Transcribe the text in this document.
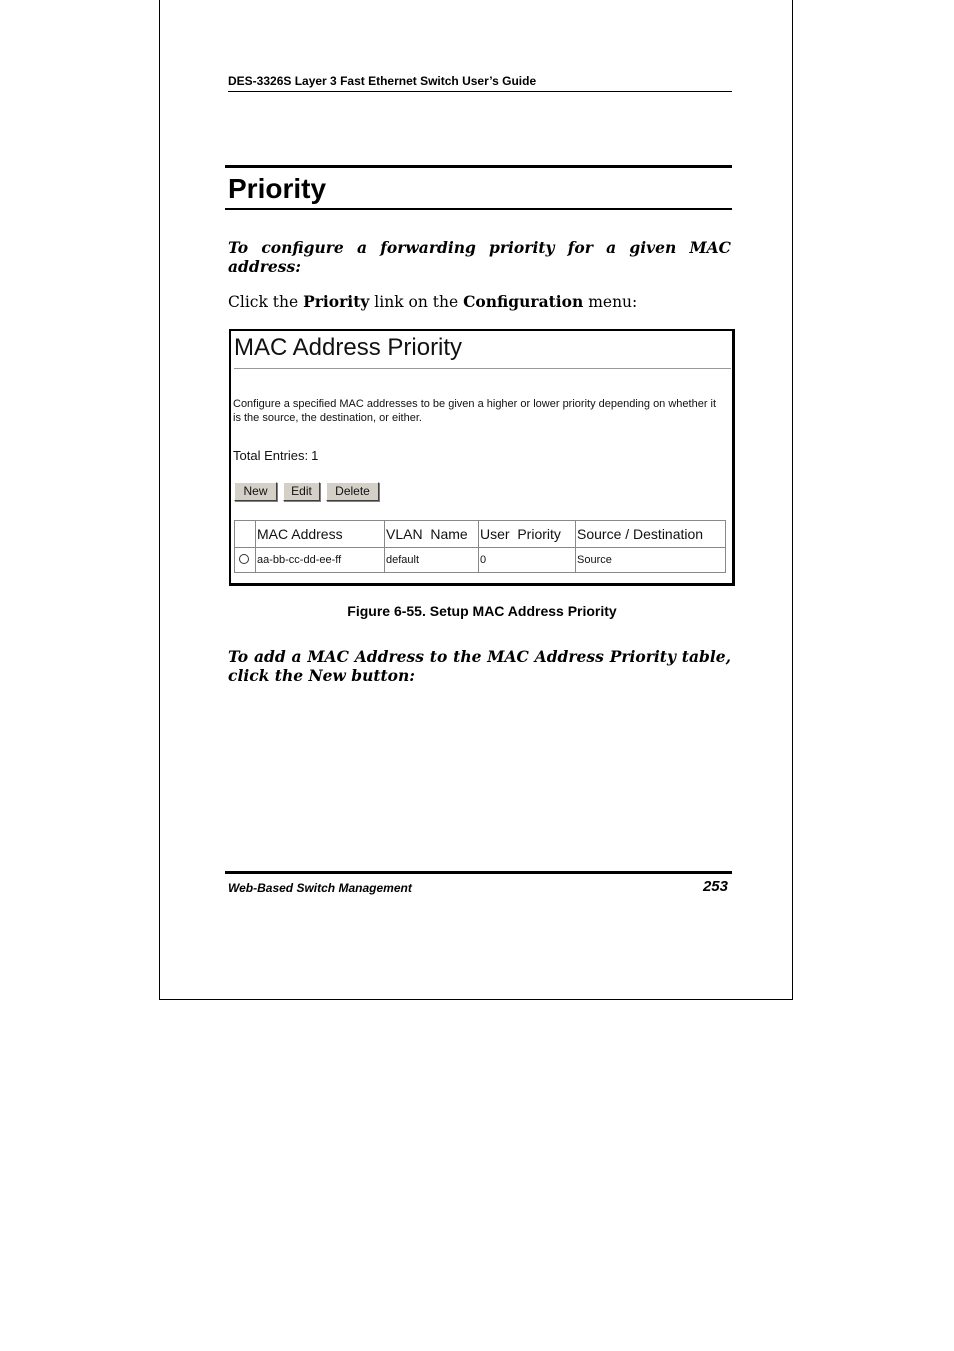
DES-3326S Layer 3 Fast Ethernet Switch User’s Guide
Priority
To configure a forwarding priority for a given MAC address:
Click the Priority link on the Configuration menu:
MAC Address Priority
Configure a specified MAC addresses to be given a higher or lower priority depending on whether it is the source, the destination, or either.
Total Entries: 1
New	Edit	Delete
	MAC Address	VLAN  Name	User  Priority	Source / Destination
	aa-bb-cc-dd-ee-ff	default	0	Source
Figure 6-55. Setup MAC Address Priority
To add a MAC Address to the MAC Address Priority table, click the New button:
Web-Based Switch Management	253
